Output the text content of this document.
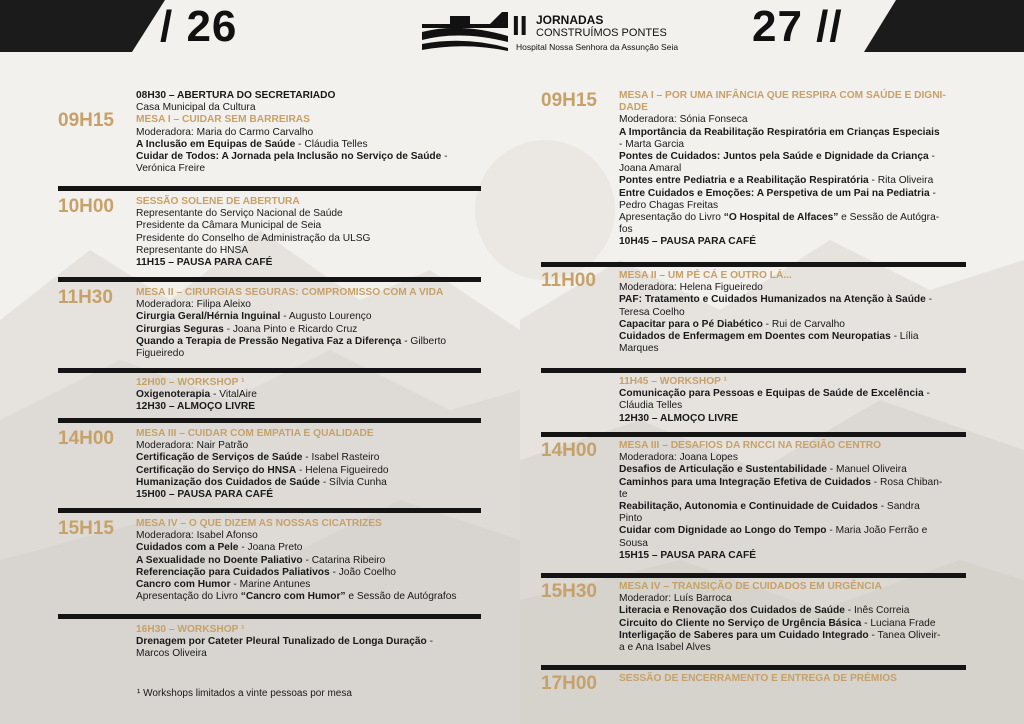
/ 26	27 //
II JORNADAS
CONSTRUÍMOS PONTES
Hospital Nossa Senhora da Assunção Seia

08H30 – ABERTURA DO SECRETARIADO

Casa Municipal da Cultura

MESA I – CUIDAR SEM BARREIRAS

Moderadora: Maria do Carmo Carvalho

A Inclusão em Equipas de Saúde - Cláudia Telles

Cuidar de Todos: A Jornada pela Inclusão no Serviço de Saúde -

Verónica Freire

09H15

SESSÃO SOLENE DE ABERTURA

Representante do Serviço Nacional de Saúde

Presidente da Câmara Municipal de Seia

Presidente do Conselho de Administração da ULSG

Representante do HNSA

11H15 – PAUSA PARA CAFÉ

10H00

MESA II – CIRURGIAS SEGURAS: COMPROMISSO COM A VIDA

Moderadora: Filipa Aleixo

Cirurgia Geral/Hérnia Inguinal - Augusto Lourenço

Cirurgias Seguras - Joana Pinto e Ricardo Cruz

Quando a Terapia de Pressão Negativa Faz a Diferença - Gilberto

Figueiredo

11H30

12H00 – WORKSHOP ¹

Oxigenoterapia - VitalAire

12H30 – ALMOÇO LIVRE

MESA III – CUIDAR COM EMPATIA E QUALIDADE

Moderadora: Nair Patrão

Certificação de Serviços de Saúde - Isabel Rasteiro

Certificação do Serviço do HNSA - Helena Figueiredo

Humanização dos Cuidados de Saúde - Sílvia Cunha

15H00 – PAUSA PARA CAFÉ

14H00

MESA IV – O QUE DIZEM AS NOSSAS CICATRIZES

Moderadora: Isabel Afonso

Cuidados com a Pele - Joana Preto

A Sexualidade no Doente Paliativo - Catarina Ribeiro

Referenciação para Cuidados Paliativos - João Coelho

Cancro com Humor - Marine Antunes

Apresentação do Livro “Cancro com Humor” e Sessão de Autógrafos

15H15

16H30 – WORKSHOP ¹

Drenagem por Cateter Pleural Tunalizado de Longa Duração -

Marcos Oliveira

MESA I – POR UMA INFÂNCIA QUE RESPIRA COM SAÚDE E DIGNI-

DADE

Moderadora: Sónia Fonseca

A Importância da Reabilitação Respiratória em Crianças Especiais

- Marta Garcia

Pontes de Cuidados: Juntos pela Saúde e Dignidade da Criança -

Joana Amaral

Pontes entre Pediatria e a Reabilitação Respiratória - Rita Oliveira

Entre Cuidados e Emoções: A Perspetiva de um Pai na Pediatria -

Pedro Chagas Freitas

Apresentação do Livro “O Hospital de Alfaces” e Sessão de Autógra-

fos

10H45 – PAUSA PARA CAFÉ

09H15

MESA II – UM PÉ CÁ E OUTRO LÁ...

Moderadora: Helena Figueiredo

PAF: Tratamento e Cuidados Humanizados na Atenção à Saúde -

Teresa Coelho

Capacitar para o Pé Diabético - Rui de Carvalho

Cuidados de Enfermagem em Doentes com Neuropatias - Lília

Marques

11H00

11H45 – WORKSHOP ¹

Comunicação para Pessoas e Equipas de Saúde de Excelência -

Cláudia Telles

12H30 – ALMOÇO LIVRE

MESA III – DESAFIOS DA RNCCI NA REGIÃO CENTRO

Moderadora: Joana Lopes

Desafios de Articulação e Sustentabilidade - Manuel Oliveira

Caminhos para uma Integração Efetiva de Cuidados - Rosa Chiban-

te

Reabilitação, Autonomia e Continuidade de Cuidados - Sandra

Pinto

Cuidar com Dignidade ao Longo do Tempo - Maria João Ferrão e

Sousa

15H15 – PAUSA PARA CAFÉ

14H00

MESA IV – TRANSIÇÃO DE CUIDADOS EM URGÊNCIA

Moderador: Luís Barroca

Literacia e Renovação dos Cuidados de Saúde - Inês Correia

Circuito do Cliente no Serviço de Urgência Básica - Luciana Frade

Interligação de Saberes para um Cuidado Integrado - Tanea Oliveir-

a e Ana Isabel Alves

15H30

SESSÃO DE ENCERRAMENTO E ENTREGA DE PRÉMIOS

17H00
¹ Workshops limitados a vinte pessoas por mesa
